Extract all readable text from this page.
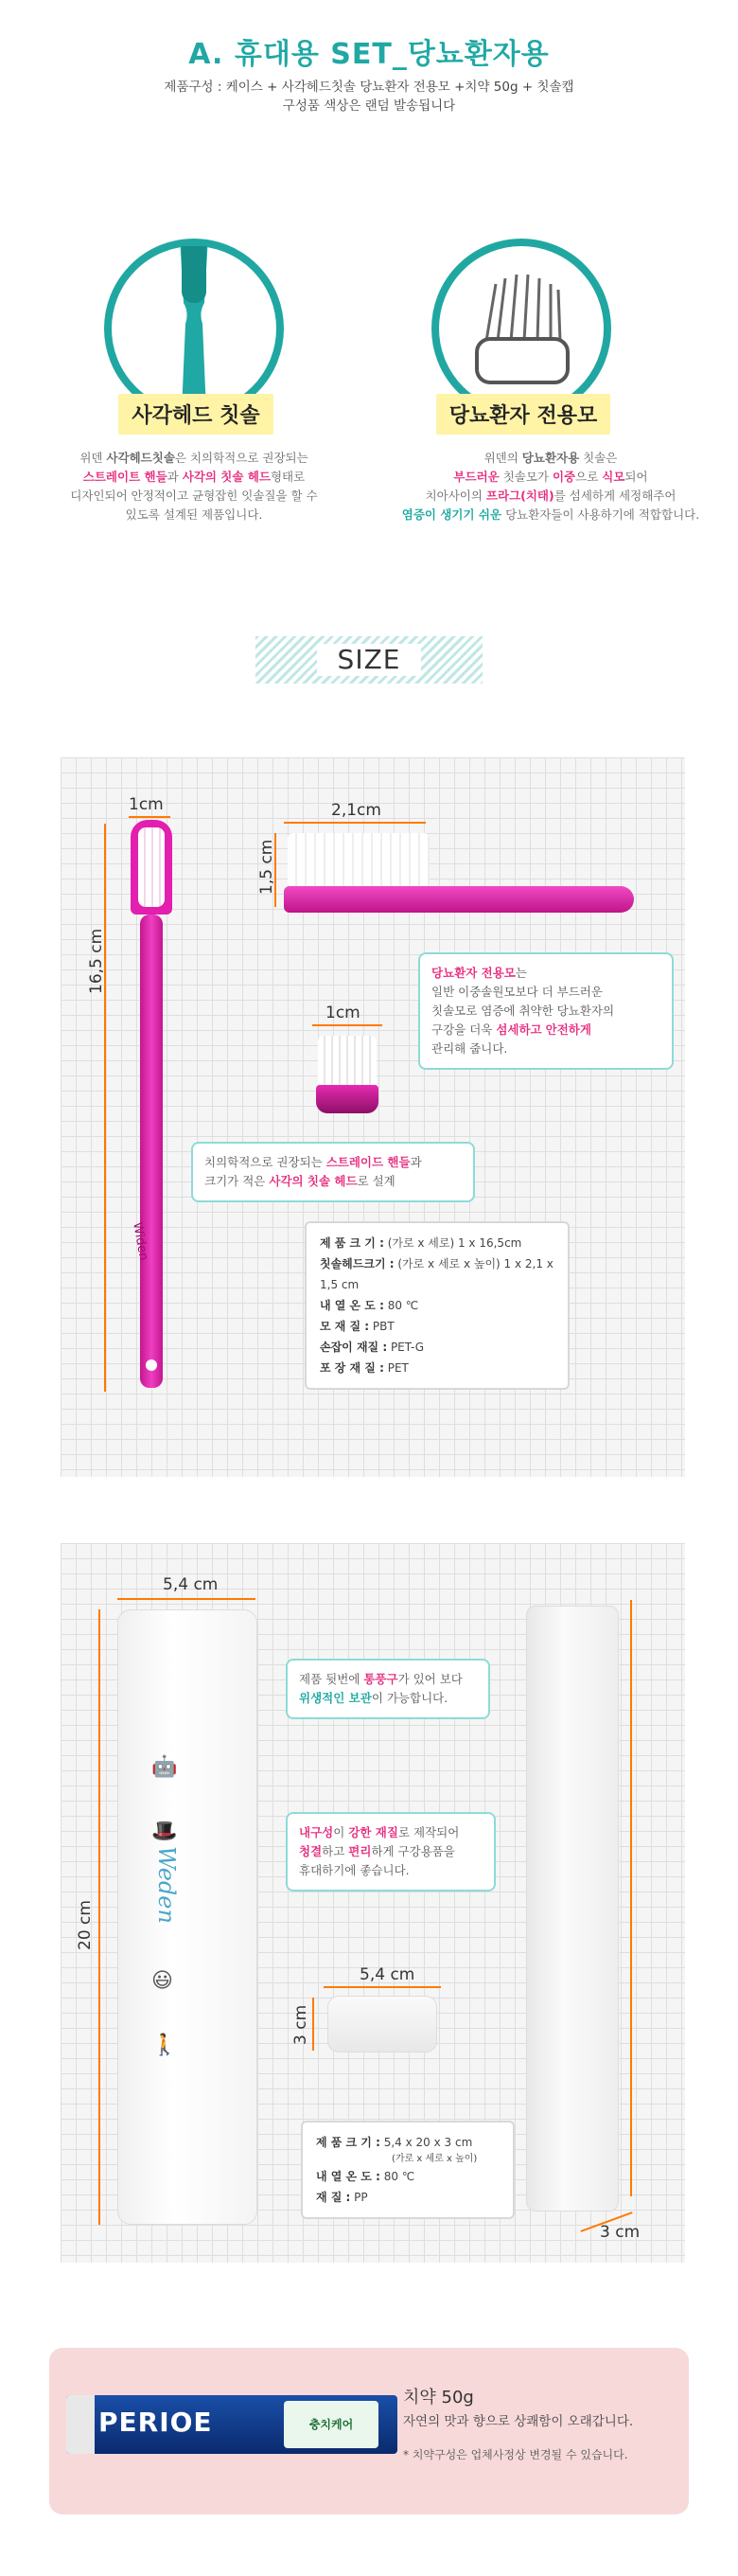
A. 휴대용 SET_당뇨환자용
제품구성 : 케이스 + 사각헤드칫솔 당뇨환자 전용모 +치약 50g + 칫솔캡
구성품 색상은 랜덤 발송됩니다
사각헤드 칫솔	당뇨환자 전용모
위덴 사각헤드칫솔은 치의학적으로 권장되는
스트레이트 핸들과 사각의 칫솔 헤드형태로
디자인되어 안정적이고 균형잡힌 잇솔질을 할 수
있도록 설계된 제품입니다.
위덴의 당뇨환자용 칫솔은
부드러운 칫솔모가 이중으로 식모되어
치아사이의 프라그(치태)를 섬세하게 세정해주어
염증이 생기기 쉬운 당뇨환자들이 사용하기에 적합합니다.
SIZE
1cm
16,5 cm
Widen
2,1cm
1,5 cm
1cm
당뇨환자 전용모는
일반 이중솔원모보다 더 부드러운
칫솔모로 염증에 취약한 당뇨환자의
구강을 더욱 섬세하고 안전하게
관리해 줍니다.
치의학적으로 권장되는 스트레이드 핸들과
크기가 적은 사각의 칫솔 헤드로 설계
제 품 크 기 : (가로 x 세로) 1 x 16,5cm
칫솔헤드크기 : (가로 x 세로 x 높이) 1 x 2,1 x 1,5 cm
내 열 온 도 : 80 ℃
모 재 질 : PBT
손잡이 재질 : PET-G
포 장 재 질 : PET
5,4 cm
20 cm
🤖
🎩
Weden
😃
🚶
3 cm
제품 뒷번에 통풍구가 있어 보다
위생적인 보관이 가능합니다.
내구성이 강한 재질로 제작되어
청결하고 편리하게 구강용품을
휴대하기에 좋습니다.
5,4 cm
3 cm
제 품 크 기 : 5,4 x 20 x 3 cm
(가로 x 세로 x 높이)
내 열 온 도 : 80 ℃
재 질 : PP
PERIOE	충치케어
치약 50g
자연의 맛과 향으로 상쾌함이 오래갑니다.
* 치약구성은 업체사정상 변경될 수 있습니다.
